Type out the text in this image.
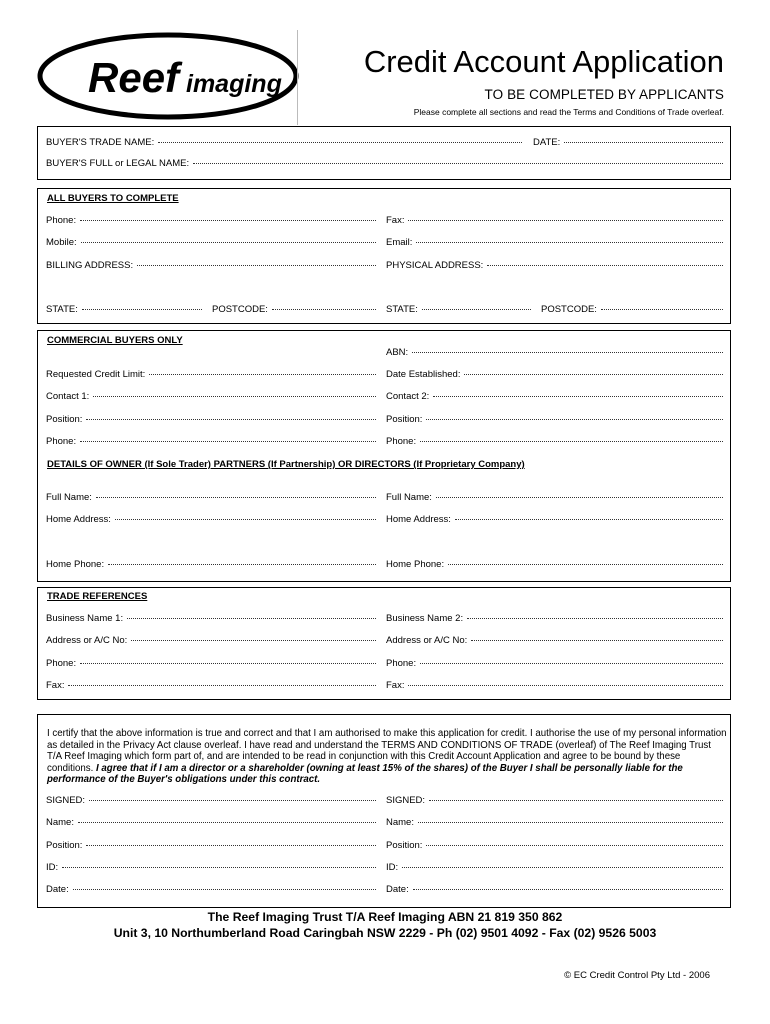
Reef imaging
Credit Account Application
TO BE COMPLETED BY APPLICANTS
Please complete all sections and read the Terms and Conditions of Trade overleaf.
BUYER'S TRADE NAME:	DATE:
BUYER'S FULL or LEGAL NAME:
ALL BUYERS TO COMPLETE
Phone:	Fax:
Mobile:	Email:
BILLING ADDRESS:	PHYSICAL ADDRESS:
STATE:	POSTCODE:	STATE:	POSTCODE:
COMMERCIAL BUYERS ONLY
ABN:
Requested Credit Limit:	Date Established:
Contact 1:	Contact 2:
Position:	Position:
Phone:	Phone:
DETAILS OF OWNER (If Sole Trader) PARTNERS (If Partnership) OR DIRECTORS (If Proprietary Company)
Full Name:	Full Name:
Home Address:	Home Address:
Home Phone:	Home Phone:
TRADE REFERENCES
Business Name 1:	Business Name 2:
Address or A/C No:	Address or A/C No:
Phone:	Phone:
Fax:	Fax:
I certify that the above information is true and correct and that I am authorised to make this application for credit. I authorise the use of my personal information as detailed in the Privacy Act clause overleaf. I have read and understand the TERMS AND CONDITIONS OF TRADE (overleaf) of The Reef Imaging Trust T/A Reef Imaging which form part of, and are intended to be read in conjunction with this Credit Account Application and agree to be bound by these conditions. I agree that if I am a director or a shareholder (owning at least 15% of the shares) of the Buyer I shall be personally liable for the performance of the Buyer's obligations under this contract.
SIGNED:	SIGNED:
Name:	Name:
Position:	Position:
ID:	ID:
Date:	Date:
The Reef Imaging Trust T/A Reef Imaging ABN 21 819 350 862
Unit 3, 10 Northumberland Road Caringbah NSW 2229 - Ph (02) 9501 4092 - Fax (02) 9526 5003
© EC Credit Control Pty Ltd - 2006
